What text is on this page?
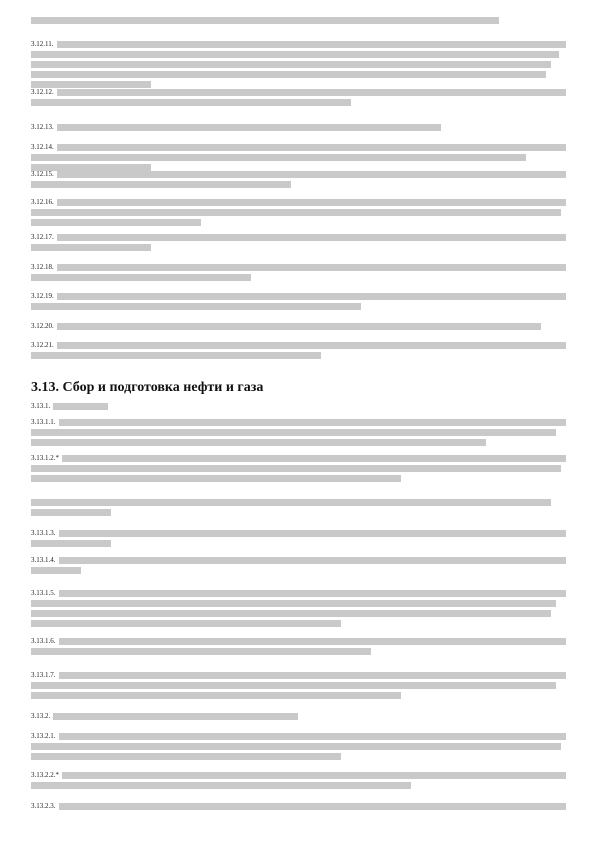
3.12.11.
3.12.12.
3.12.13.
3.12.14.
3.12.15.
3.12.16.
3.12.17.
3.12.18.
3.12.19.
3.12.20.
3.12.21.
3.13. Сбор и подготовка нефти и газа
3.13.1.
3.13.1.1.
3.13.1.2.*
3.13.1.3.
3.13.1.4.
3.13.1.5.
3.13.1.6.
3.13.1.7.
3.13.2.
3.13.2.1.
3.13.2.2.*
3.13.2.3.
